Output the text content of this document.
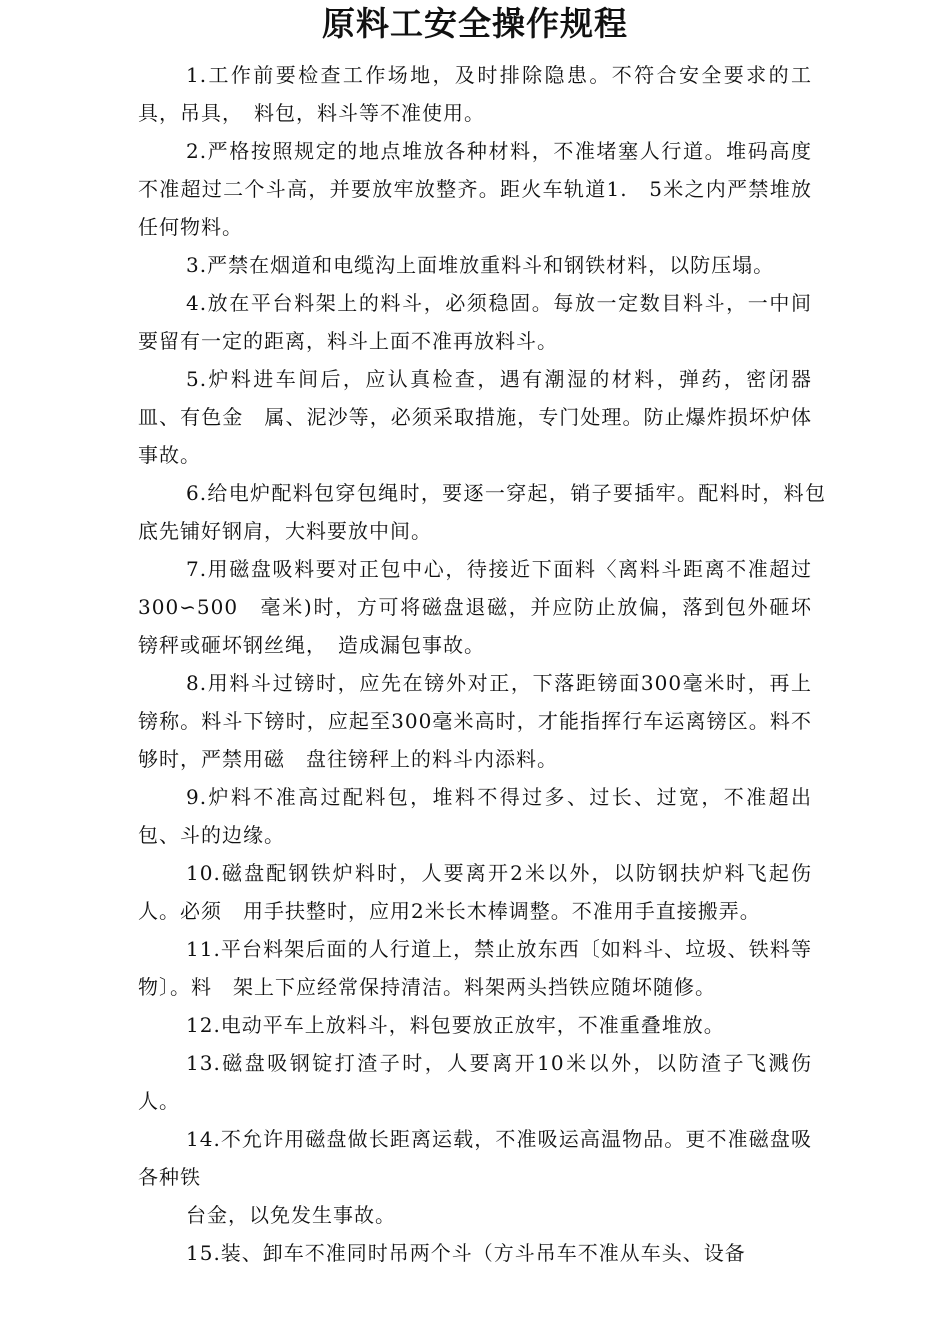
原料工安全操作规程

1.工作前要检查工作场地，及时排除隐患。不符合安全要求的工具，吊具，　料包，料斗等不准使用。

2.严格按照规定的地点堆放各种材料，不准堵塞人行道。堆码高度不准超过二个斗高，并要放牢放整齐。距火车轨道1.　5米之内严禁堆放任何物料。

3.严禁在烟道和电缆沟上面堆放重料斗和钢铁材料，以防压塌。

4.放在平台料架上的料斗，必须稳固。每放一定数目料斗，一中间要留有一定的距离，料斗上面不准再放料斗。

5.炉料进车间后，应认真检查，遇有潮湿的材料，弹药，密闭器皿、有色金　属、泥沙等，必须采取措施，专门处理。防止爆炸损坏炉体事故。

6.给电炉配料包穿包绳时，要逐一穿起，销子要插牢。配料时，料包底先铺好钢肩，大料要放中间。

7.用磁盘吸料要对正包中心，待接近下面料〈离料斗距离不准超过300∽500　毫米)时，方可将磁盘退磁，并应防止放偏，落到包外砸坏镑秤或砸坏钢丝绳，　造成漏包事故。

8.用料斗过镑时，应先在镑外对正，下落距镑面300毫米时，再上镑称。料斗下镑时，应起至300毫米高时，才能指挥行车运离镑区。料不够时，严禁用磁　盘往镑秤上的料斗内添料。

9.炉料不准高过配料包，堆料不得过多、过长、过宽，不准超出包、斗的边缘。

10.磁盘配钢铁炉料时，人要离开2米以外，以防钢扶炉料飞起伤人。必须　用手扶整时，应用2米长木棒调整。不准用手直接搬弄。

11.平台料架后面的人行道上，禁止放东西〔如料斗、垃圾、铁料等物〕。料　架上下应经常保持清洁。料架两头挡铁应随坏随修。

12.电动平车上放料斗，料包要放正放牢，不准重叠堆放。

13.磁盘吸钢锭打渣子时，人要离开10米以外，以防渣子飞溅伤人。

14.不允许用磁盘做长距离运载，不准吸运高温物品。更不准磁盘吸各种铁

台金，以免发生事故。

15.装、卸车不准同时吊两个斗（方斗吊车不准从车头、设备
